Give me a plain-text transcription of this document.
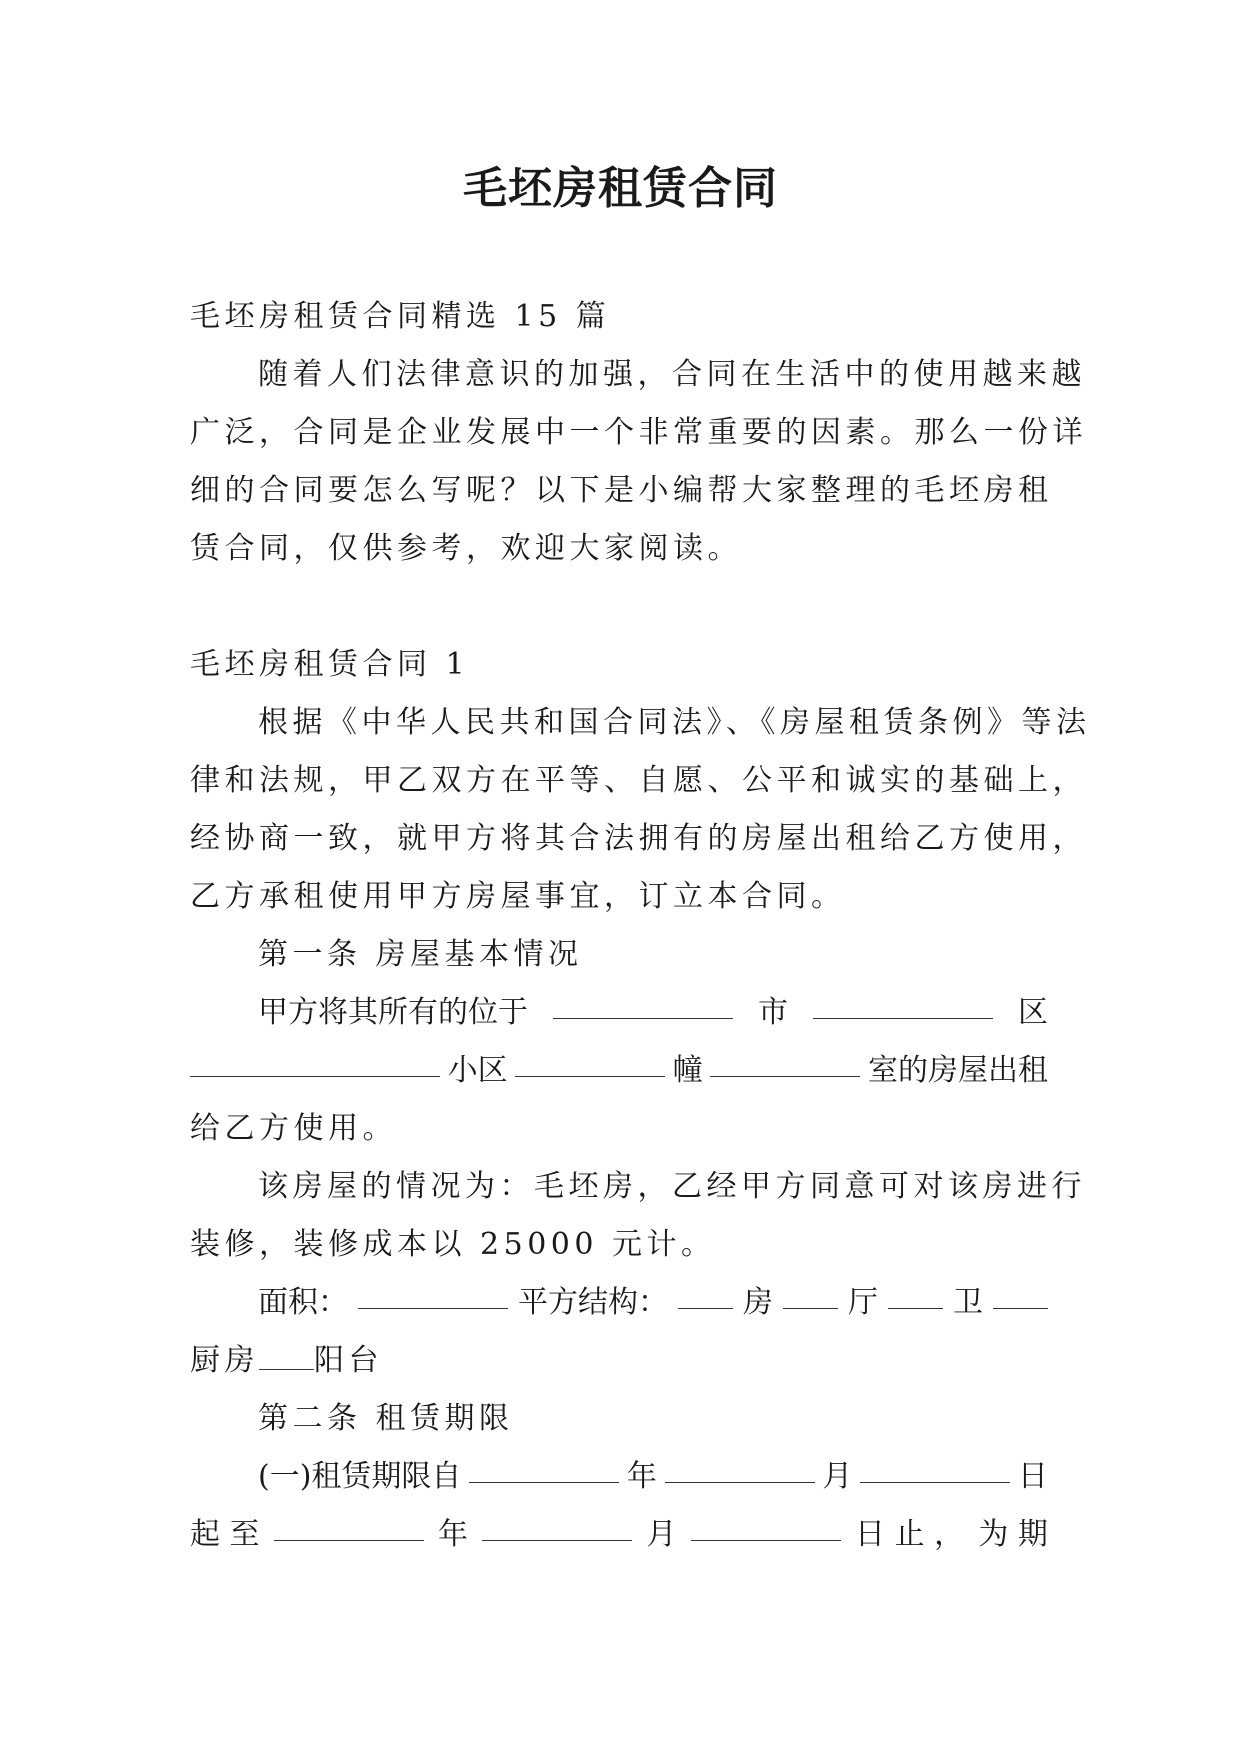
毛坯房租赁合同
毛坯房租赁合同精选 15 篇
随着人们法律意识的加强，合同在生活中的使用越来越
广泛，合同是企业发展中一个非常重要的因素。那么一份详
细的合同要怎么写呢？以下是小编帮大家整理的毛坯房租
赁合同，仅供参考，欢迎大家阅读。
毛坯房租赁合同 1
根据《中华人民共和国合同法》、《房屋租赁条例》等法
律和法规，甲乙双方在平等、自愿、公平和诚实的基础上，
经协商一致，就甲方将其合法拥有的房屋出租给乙方使用，
乙方承租使用甲方房屋事宜，订立本合同。
第一条 房屋基本情况
甲方将其所有的位于	市	区
小区	幢	室的房屋出租
给乙方使用。
该房屋的情况为：毛坯房，乙经甲方同意可对该房进行
装修，装修成本以 25000 元计。
面积：	平方结构：	房	厅	卫
厨房 阳台
第二条 租赁期限
(一)租赁期限自	年	月	日
起 至	年	月	日 止 ， 为 期
